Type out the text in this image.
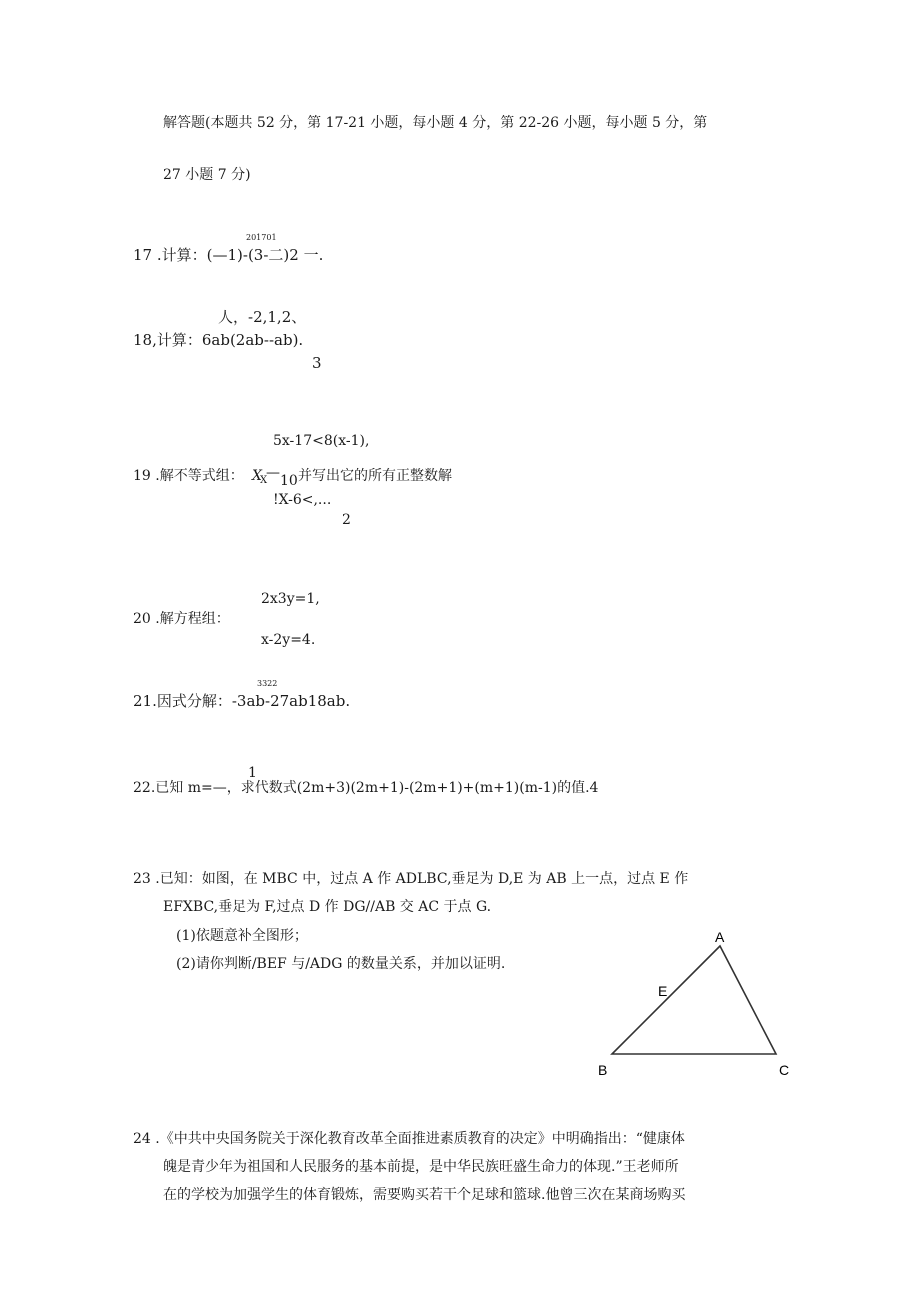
解答题(本题共 52 分，第 17-21 小题，每小题 4 分，第 22-26 小题，每小题 5 分，第
27 小题 7 分)
201701
17 .计算：(—1)-(3-二)2 一.
人，-2,1,2、
18,计算：6ab(2ab--ab).
3
5x-17<8(x-1),
19 .解不等式组： X
X
— 10 并写出它的所有正整数解
!X-6<,...
2
2x3y=1,
20 .解方程组：
x-2y=4.
3322
21.因式分解：-3ab-27ab18ab.
1
22.已知 m=—，求代数式(2m+3)(2m+1)-(2m+1)+(m+1)(m-1)的值.4
23 .已知：如图，在 MBC 中，过点 A 作 ADLBC,垂足为 D,E 为 AB 上一点，过点 E 作
EFXBC,垂足为 F,过点 D 作 DG//AB 交 AC 于点 G.
(1)依题意补全图形；
(2)请你判断/BEF 与/ADG 的数量关系，并加以证明.
A
E
B	C
24 .《中共中央国务院关于深化教育改革全面推进素质教育的决定》中明确指出：“健康体
魄是青少年为祖国和人民服务的基本前提，是中华民族旺盛生命力的体现.”王老师所
在的学校为加强学生的体育锻炼，需要购买若干个足球和篮球.他曾三次在某商场购买
